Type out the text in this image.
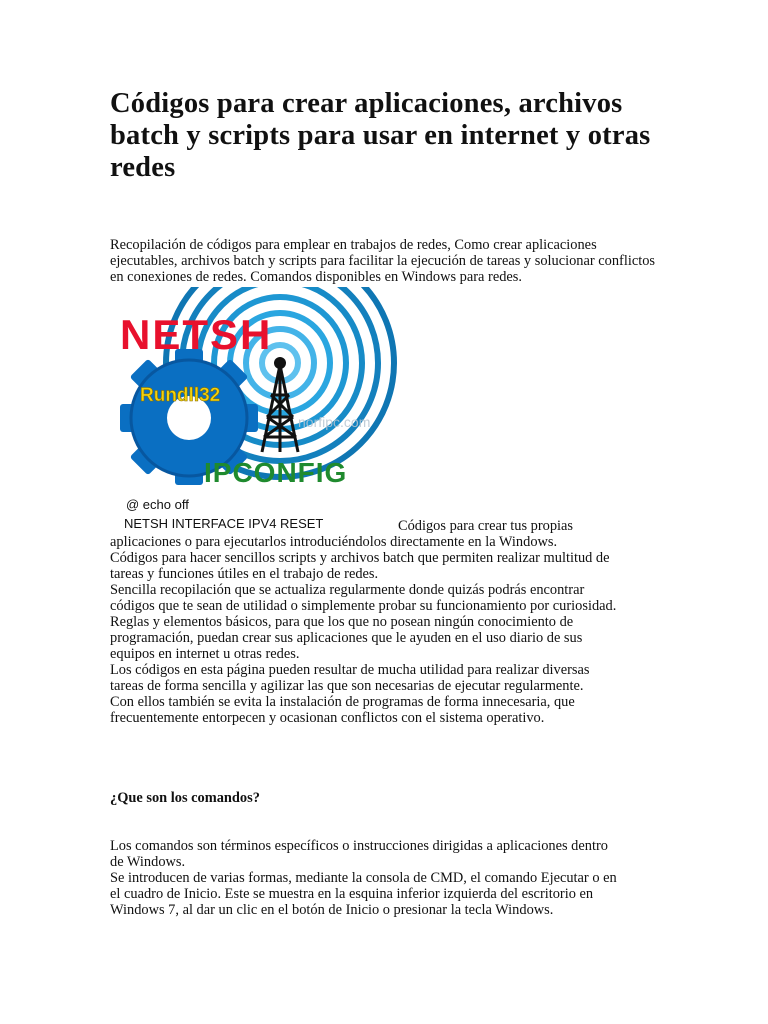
Códigos para crear aplicaciones, archivos batch y scripts para usar en internet y otras redes

Recopilación de códigos para emplear en trabajos de redes, Como crear aplicaciones ejecutables, archivos batch y scripts para facilitar la ejecución de tareas y solucionar conflictos en conexiones de redes. Comandos disponibles en Windows para redes.

NETSH
Rundll32
norfipc.com
IPCONFIG
@ echo off
NETSH INTERFACE IPV4 RESET	Códigos para crear tus propias

aplicaciones o para ejecutarlos introduciéndolos directamente en la Windows.
Códigos para hacer sencillos scripts y archivos batch que permiten realizar multitud de
tareas y funciones útiles en el trabajo de redes.
Sencilla recopilación que se actualiza regularmente donde quizás podrás encontrar
códigos que te sean de utilidad o simplemente probar su funcionamiento por curiosidad.
Reglas y elementos básicos, para que los que no posean ningún conocimiento de
programación, puedan crear sus aplicaciones que le ayuden en el uso diario de sus
equipos en internet u otras redes.
Los códigos en esta página pueden resultar de mucha utilidad para realizar diversas
tareas de forma sencilla y agilizar las que son necesarias de ejecutar regularmente.
Con ellos también se evita la instalación de programas de forma innecesaria, que
frecuentemente entorpecen y ocasionan conflictos con el sistema operativo.

¿Que son los comandos?

Los comandos son términos específicos o instrucciones dirigidas a aplicaciones dentro
de Windows.
Se introducen de varias formas, mediante la consola de CMD, el comando Ejecutar o en
el cuadro de Inicio. Este se muestra en la esquina inferior izquierda del escritorio en
Windows 7, al dar un clic en el botón de Inicio o presionar la tecla Windows.
